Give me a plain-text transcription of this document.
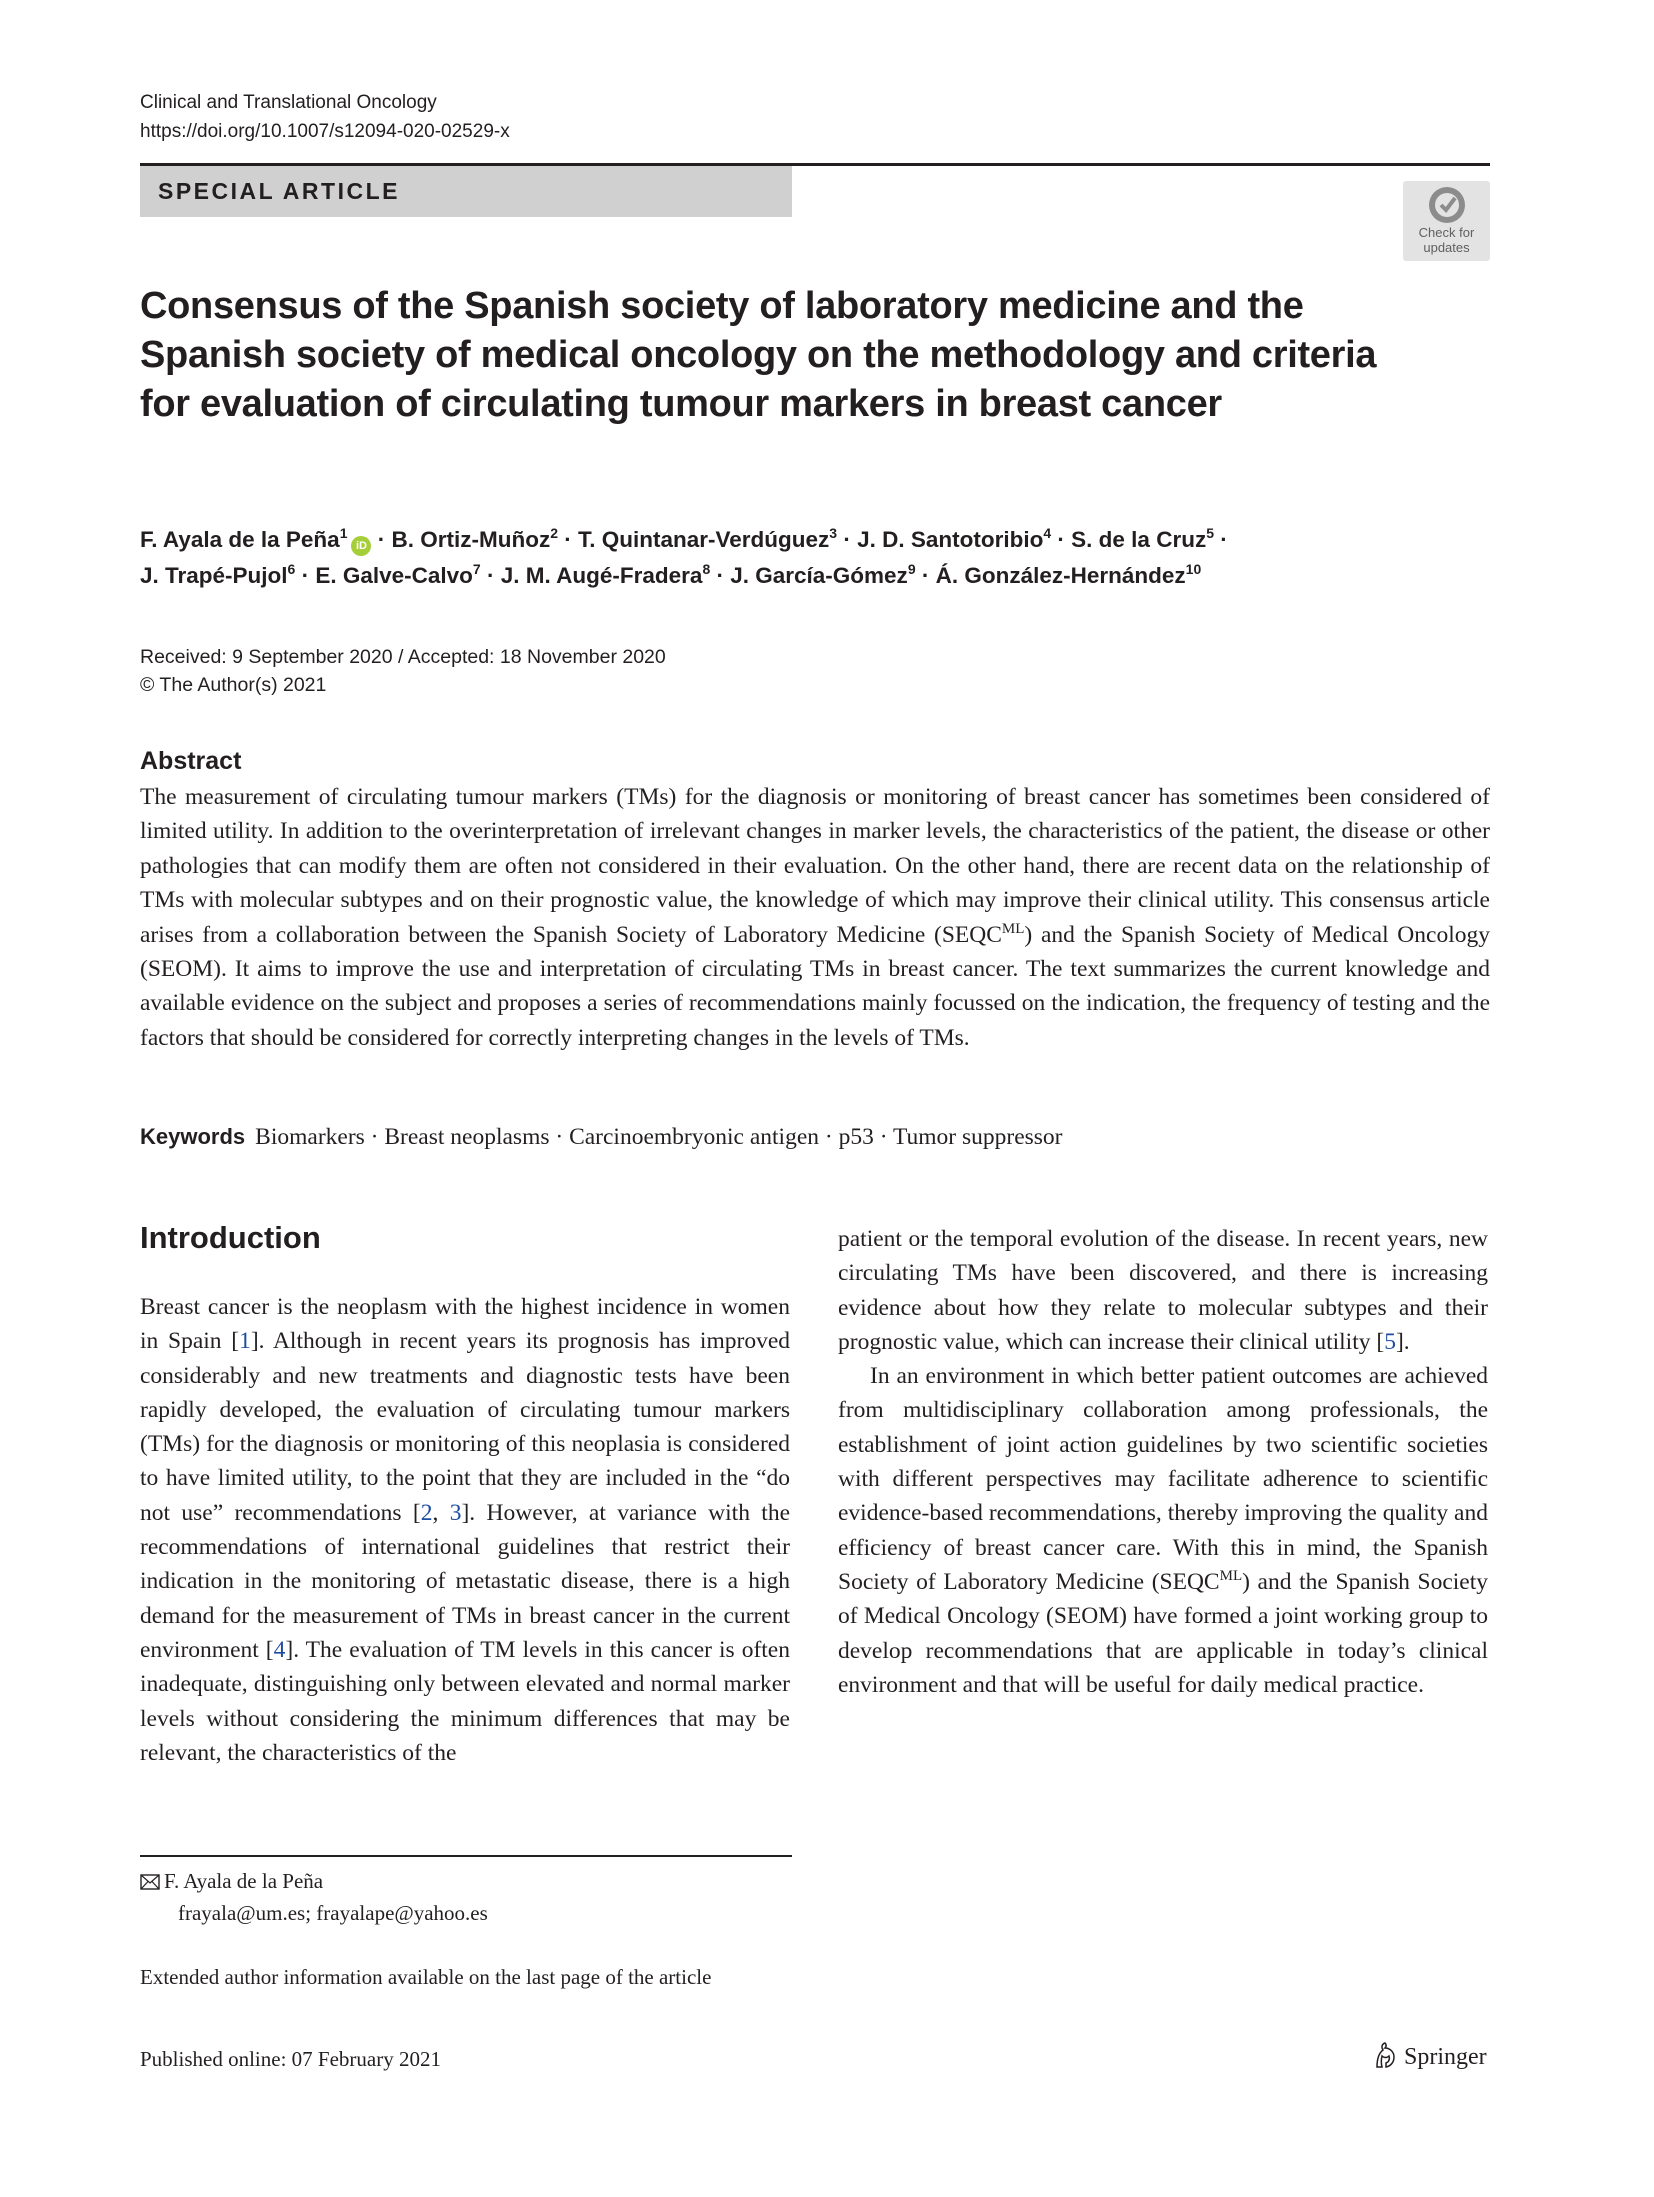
Clinical and Translational Oncology
https://doi.org/10.1007/s12094-020-02529-x
SPECIAL ARTICLE
Check for
updates
Consensus of the Spanish society of laboratory medicine and the Spanish society of medical oncology on the methodology and criteria for evaluation of circulating tumour markers in breast cancer
F. Ayala de la Peña$^1$iD · B. Ortiz-Muñoz$^2$ · T. Quintanar-Verdúguez$^3$ · J. D. Santotoribio$^4$ · S. de la Cruz$^5$ ·
J. Trapé-Pujol$^6$ · E. Galve-Calvo$^7$ · J. M. Augé-Fradera$^8$ · J. García-Gómez$^9$ · Á. González-Hernández$^{10}$
Received: 9 September 2020 / Accepted: 18 November 2020
© The Author(s) 2021
Abstract

The measurement of circulating tumour markers (TMs) for the diagnosis or monitoring of breast cancer has sometimes been considered of limited utility. In addition to the overinterpretation of irrelevant changes in marker levels, the characteristics of the patient, the disease or other pathologies that can modify them are often not considered in their evaluation. On the other hand, there are recent data on the relationship of TMs with molecular subtypes and on their prognostic value, the knowledge of which may improve their clinical utility. This consensus article arises from a collaboration between the Spanish Society of Laboratory Medicine $(SEQC^{ML})$ and the Spanish Society of Medical Oncology (SEOM). It aims to improve the use and interpretation of circulating TMs in breast cancer. The text summarizes the current knowledge and available evidence on the subject and proposes a series of recommendations mainly focussed on the indication, the frequency of testing and the factors that should be considered for correctly interpreting changes in the levels of TMs.

Keywords Biomarkers · Breast neoplasms · Carcinoembryonic antigen · p53 · Tumor suppressor
Introduction

Breast cancer is the neoplasm with the highest incidence in women in Spain [1]. Although in recent years its prognosis has improved considerably and new treatments and diagnostic tests have been rapidly developed, the evaluation of circulating tumour markers (TMs) for the diagnosis or monitoring of this neoplasia is considered to have limited utility, to the point that they are included in the “do not use” recommendations [2, 3]. However, at variance with the recommendations of international guidelines that restrict their indication in the monitoring of metastatic disease, there is a high demand for the measurement of TMs in breast cancer in the current environment [4]. The evaluation of TM levels in this cancer is often inadequate, distinguishing only between elevated and normal marker levels without considering the minimum differences that may be relevant, the characteristics of the

patient or the temporal evolution of the disease. In recent years, new circulating TMs have been discovered, and there is increasing evidence about how they relate to molecular subtypes and their prognostic value, which can increase their clinical utility [5].

In an environment in which better patient outcomes are achieved from multidisciplinary collaboration among professionals, the establishment of joint action guidelines by two scientific societies with different perspectives may facilitate adherence to scientific evidence-based recommendations, thereby improving the quality and efficiency of breast cancer care. With this in mind, the Spanish Society of Laboratory Medicine $(SEQC^{ML})$ and the Spanish Society of Medical Oncology (SEOM) have formed a joint working group to develop recommendations that are applicable in today’s clinical environment and that will be useful for daily medical practice.

F. Ayala de la Peña
frayala@um.es; frayalape@yahoo.es
Extended author information available on the last page of the article
Published online: 07 February 2021	Springer
